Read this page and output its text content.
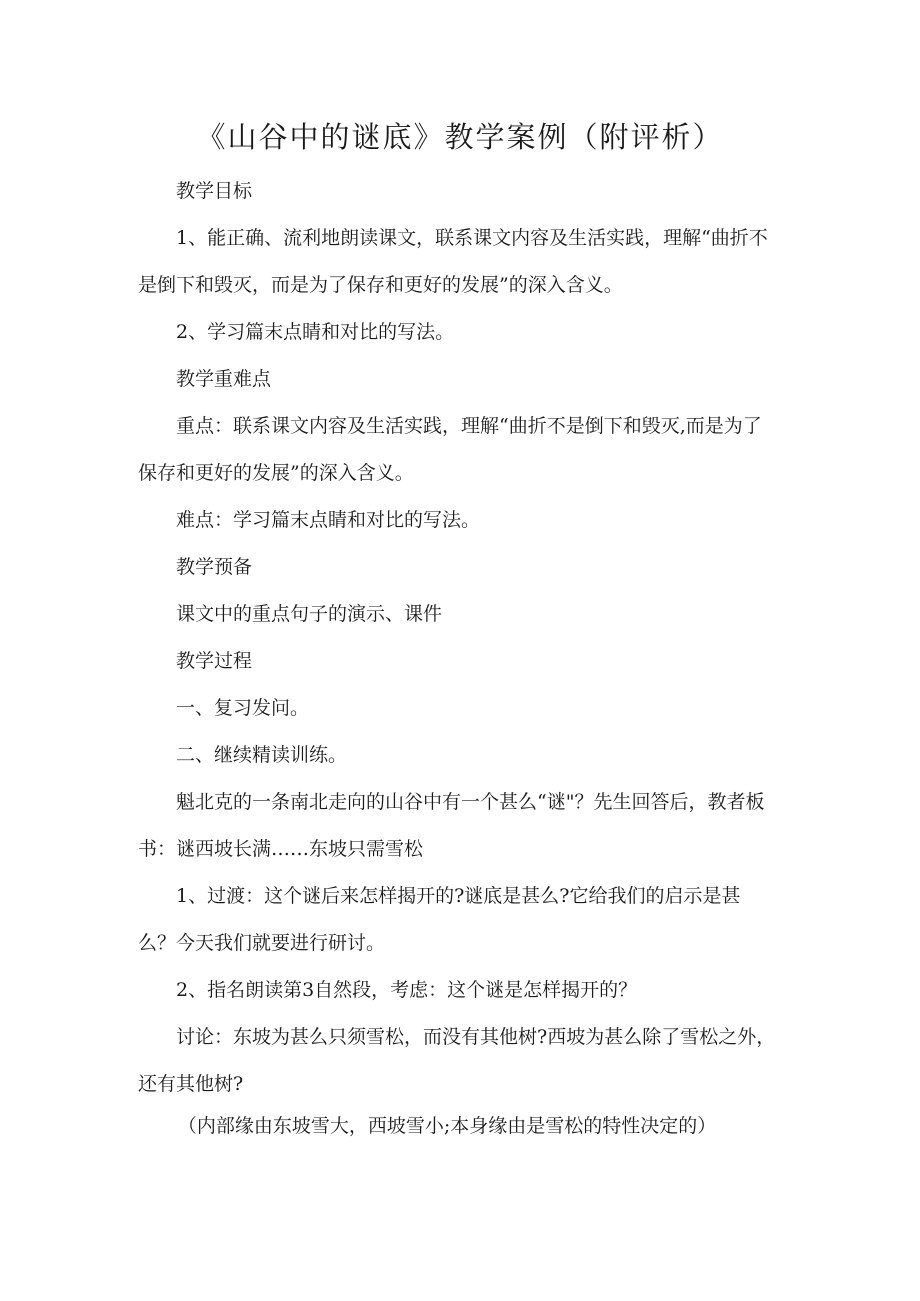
《山谷中的谜底》教学案例（附评析）

教学目标

1、能正确、流利地朗读课文，联系课文内容及生活实践，理解“曲折不是倒下和毁灭，而是为了保存和更好的发展”的深入含义。

2、学习篇末点睛和对比的写法。

教学重难点

重点：联系课文内容及生活实践，理解“曲折不是倒下和毁灭,而是为了保存和更好的发展”的深入含义。

难点：学习篇末点睛和对比的写法。

教学预备

课文中的重点句子的演示、课件

教学过程

一、复习发问。

二、继续精读训练。

魁北克的一条南北走向的山谷中有一个甚么“谜"？先生回答后，教者板书：谜西坡长满……东坡只需雪松

1、过渡：这个谜后来怎样揭开的?谜底是甚么?它给我们的启示是甚么？今天我们就要进行研讨。

2、指名朗读第3自然段，考虑：这个谜是怎样揭开的？

讨论：东坡为甚么只须雪松，而没有其他树?西坡为甚么除了雪松之外，还有其他树?

（内部缘由东坡雪大，西坡雪小;本身缘由是雪松的特性决定的）
